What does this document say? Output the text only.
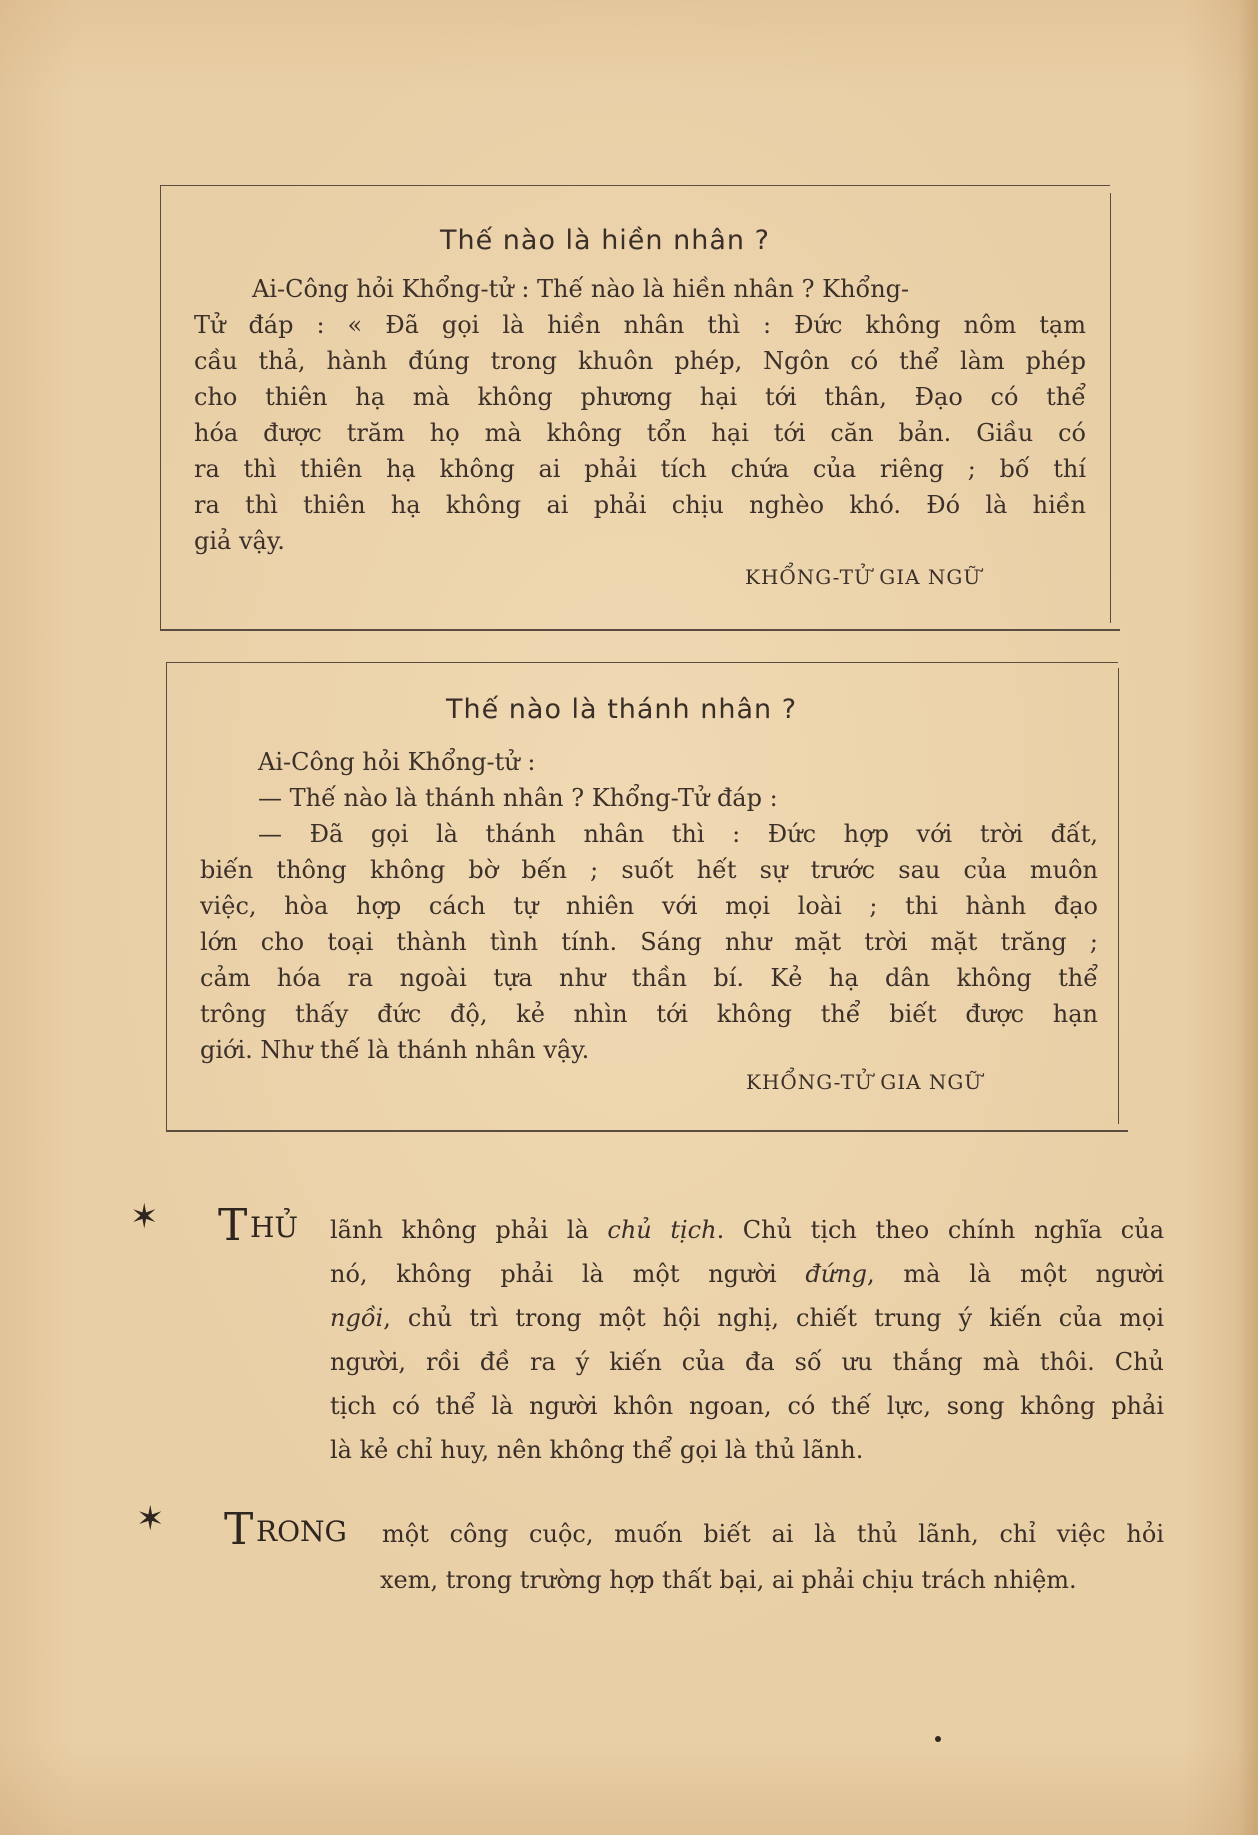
Thế nào là hiền nhân ?
Ai-Công hỏi Khổng-tử : Thế nào là hiền nhân ? Khổng-
Tử đáp : « Đã gọi là hiền nhân thì : Đức không nôm tạm
cầu thả, hành đúng trong khuôn phép, Ngôn có thể làm phép
cho thiên hạ mà không phương hại tới thân, Đạo có thể
hóa được trăm họ mà không tổn hại tới căn bản. Giầu có
ra thì thiên hạ không ai phải tích chứa của riêng ; bố thí
ra thì thiên hạ không ai phải chịu nghèo khó. Đó là hiền
giả vậy.
KHỔNG-TỬ GIA NGỮ
Thế nào là thánh nhân ?
Ai-Công hỏi Khổng-tử :
— Thế nào là thánh nhân ? Khổng-Tử đáp :
— Đã gọi là thánh nhân thì : Đức hợp với trời đất,
biến thông không bờ bến ; suốt hết sự trước sau của muôn
việc, hòa hợp cách tự nhiên với mọi loài ; thi hành đạo
lớn cho toại thành tình tính. Sáng như mặt trời mặt trăng ;
cảm hóa ra ngoài tựa như thần bí. Kẻ hạ dân không thể
trông thấy đức độ, kẻ nhìn tới không thể biết được hạn
giới. Như thế là thánh nhân vậy.
KHỔNG-TỬ GIA NGỮ
✶ T HỦ lãnh không phải là chủ tịch. Chủ tịch theo chính nghĩa của
nó, không phải là một người đứng, mà là một người
ngồi, chủ trì trong một hội nghị, chiết trung ý kiến của mọi
người, rồi đề ra ý kiến của đa số ưu thắng mà thôi. Chủ
tịch có thể là người khôn ngoan, có thế lực, song không phải
là kẻ chỉ huy, nên không thể gọi là thủ lãnh.
✶ T RONG một công cuộc, muốn biết ai là thủ lãnh, chỉ việc hỏi
xem, trong trường hợp thất bại, ai phải chịu trách nhiệm.
